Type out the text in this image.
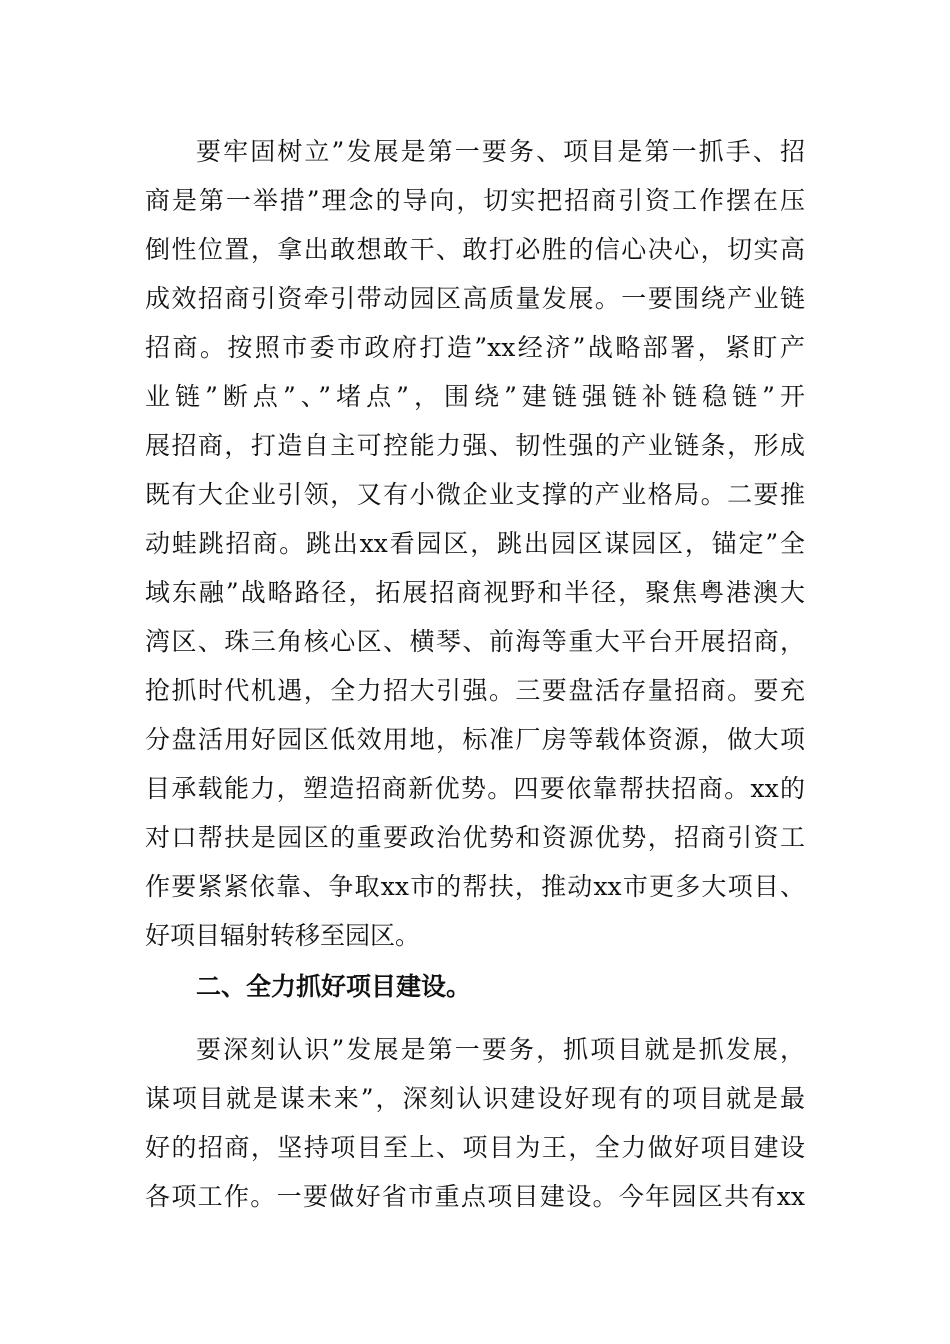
要牢固树立”发展是第一要务、项目是第一抓手、招
商是第一举措”理念的导向，切实把招商引资工作摆在压
倒性位置，拿出敢想敢干、敢打必胜的信心决心，切实高
成效招商引资牵引带动园区高质量发展。一要围绕产业链
招商。按照市委市政府打造”xx经济”战略部署，紧盯产
业链”断点”、”堵点”，围绕”建链强链补链稳链”开
展招商，打造自主可控能力强、韧性强的产业链条，形成
既有大企业引领，又有小微企业支撑的产业格局。二要推
动蛙跳招商。跳出xx看园区，跳出园区谋园区，锚定”全
域东融”战略路径，拓展招商视野和半径，聚焦粤港澳大
湾区、珠三角核心区、横琴、前海等重大平台开展招商，
抢抓时代机遇，全力招大引强。三要盘活存量招商。要充
分盘活用好园区低效用地，标准厂房等载体资源，做大项
目承载能力，塑造招商新优势。四要依靠帮扶招商。xx的
对口帮扶是园区的重要政治优势和资源优势，招商引资工
作要紧紧依靠、争取xx市的帮扶，推动xx市更多大项目、
好项目辐射转移至园区。
二、全力抓好项目建设。
要深刻认识”发展是第一要务，抓项目就是抓发展，
谋项目就是谋未来”，深刻认识建设好现有的项目就是最
好的招商，坚持项目至上、项目为王，全力做好项目建设
各项工作。一要做好省市重点项目建设。今年园区共有xx
